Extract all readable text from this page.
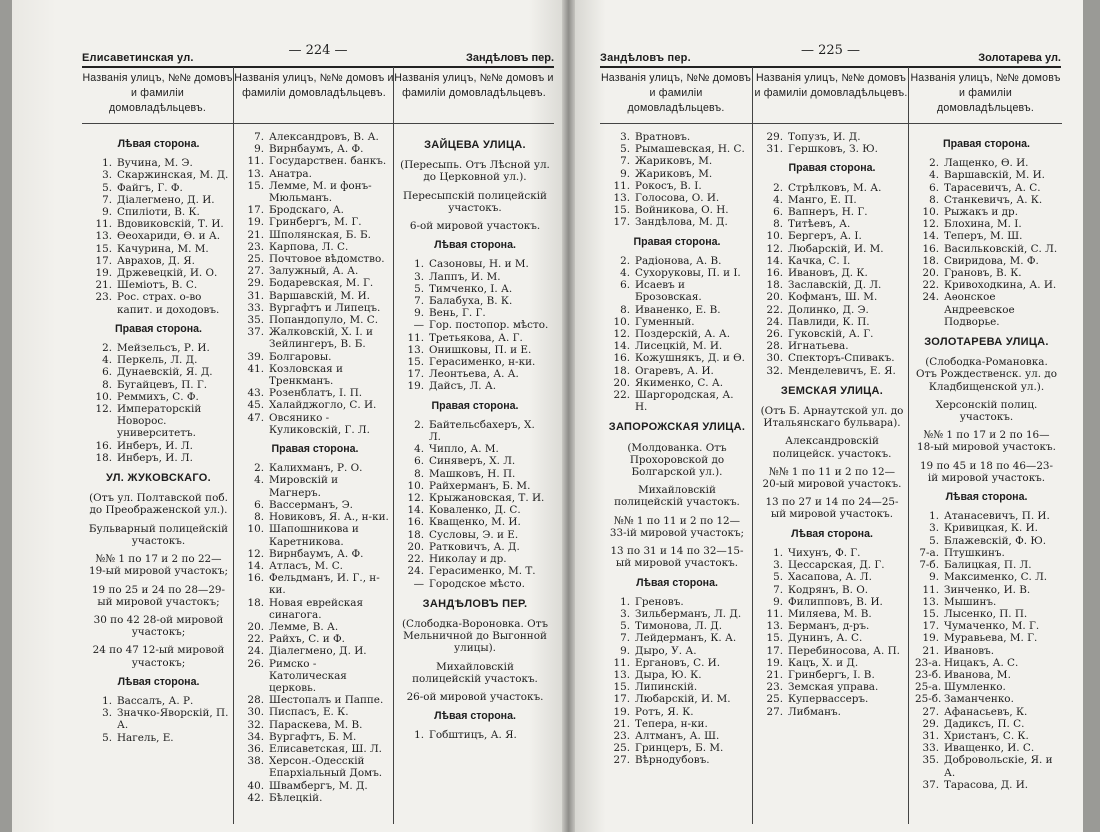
Елисаветинская ул.	— 224 —	Зандѣловъ пер.
Названія улицъ, №№ домовъ и фамиліи домовладѣльцевъ.
Лѣвая сторона.
1. Вучина, М. Э.
3. Скаржинская, М. Д.
5. Файгъ, Г. Ф.
7. Діалегмено, Д. И.
9. Спиліоти, В. К.
11. Вдовиковскій, Т. И.
13. Ѳеохариди, Ѳ. и А.
15. Качурина, М. М.
17. Аврахов, Д. Я.
19. Држевецкій, И. О.
21. Шеміотъ, В. С.
23. Рос. страх. о-во капит. и доходовъ.
Правая сторона.
2. Мейзельсъ, Р. И.
4. Перкель, Л. Д.
6. Дунаевскій, Я. Д.
8. Бугайцевъ, П. Г.
10. Реммихъ, С. Ф.
12. Императорскій Новорос. университетъ.
16. Инберъ, И. Л.
18. Инберъ, И. Л.
УЛ. ЖУКОВСКАГО.
(Отъ ул. Полтавской поб. до Преображенской ул.).
Бульварный полицейскій участокъ.
№№ 1 по 17 и 2 по 22— 19-ый мировой участокъ;
19 по 25 и 24 по 28—29-ый мировой участокъ;
30 по 42 28-ой мировой участокъ;
24 по 47 12-ый мировой участокъ;
Лѣвая сторона.
1. Вассалъ, А. Р.
3. Значко-Яворскій, П. А.
5. Нагель, Е.
Названія улицъ, №№ домовъ и фамиліи домовладѣльцевъ.
7. Александровъ, В. А.
9. Вирнбаумъ, А. Ф.
11. Государствен. банкъ.
13. Анатра.
15. Лемме, М. и фонъ-Мюльманъ.
17. Бродскаго, А.
19. Гринбергъ, М. Г.
21. Шполянская, Б. Б.
23. Карпова, Л. С.
25. Почтовое вѣдомство.
27. Залужный, А. А.
29. Бодаревская, М. Г.
31. Варшавскій, М. И.
33. Вургафтъ и Липецъ.
35. Попандопуло, М. С.
37. Жалковскій, Х. І. и Зейлингеръ, В. Б.
39. Болгаровы.
41. Козловская и Тренкманъ.
43. Розенблатъ, І. П.
45. Халайджогло, С. И.
47. Овсянико - Куликовскій, Г. Л.
Правая сторона.
2. Калихманъ, Р. О.
4. Мировскій и Магнеръ.
6. Вассерманъ, Э.
8. Новиковъ, Я. А., н-ки.
10. Шапошникова и Каретникова.
12. Вирнбаумъ, А. Ф.
14. Атласъ, М. С.
16. Фельдманъ, И. Г., н-ки.
18. Новая еврейская синагога.
20. Лемме, В. А.
22. Райхъ, С. и Ф.
24. Діалегмено, Д. И.
26. Римско - Католическая церковь.
28. Шестопалъ и Паппе.
30. Писпасъ, Е. К.
32. Параскева, М. В.
34. Вургафтъ, Б. М.
36. Елисаветская, Ш. Л.
38. Херсон.-Одесскій Епархіальный Домъ.
40. Швамбергъ, М. Д.
42. Бѣлецкій.
Названія улицъ, №№ домовъ и фамиліи домовладѣльцевъ.
ЗАЙЦЕВА УЛИЦА.
(Пересыпь. Отъ Лѣсной ул. до Церковной ул.).
Пересыпскій полицейскій участокъ.
6-ой мировой участокъ.
Лѣвая сторона.
1. Сазоновы, Н. и М.
3. Лаппъ, И. М.
5. Тимченко, І. А.
7. Балабуха, В. К.
9. Вень, Г. Г.
— Гор. постопор. мѣсто.
11. Третьякова, А. Г.
13. Онишковы, П. и Е.
15. Герасименко, н-ки.
17. Леонтьева, А. А.
19. Дайсъ, Л. А.
Правая сторона.
2. Байтельсбахеръ, Х. Л.
4. Чипло, А. М.
6. Синяверъ, Х. Л.
8. Машковъ, Н. П.
10. Райхерманъ, Б. М.
12. Крыжановская, Т. И.
14. Коваленко, Д. С.
16. Кващенко, М. И.
18. Сусловы, Э. и Е.
20. Ратковичъ, А. Д.
22. Николау и др.
24. Герасименко, М. Т.
— Городское мѣсто.
ЗАНДѢЛОВЪ ПЕР.
(Слободка-Вороновка. Отъ Мельничной до Выгонной улицы).
Михайловскій полицейскій участокъ.
26-ой мировой участокъ.
Лѣвая сторона.
1. Гобштицъ, А. Я.
Зандѣловъ пер.	— 225 —	Золотарева ул.
Названія улицъ, №№ домовъ и фамиліи домовладѣльцевъ.
3. Вратновъ.
5. Рымашевская, Н. С.
7. Жариковъ, М.
9. Жариковъ, М.
11. Рокосъ, В. І.
13. Голосова, О. И.
15. Войникова, О. Н.
17. Зандѣлова, М. Д.
Правая сторона.
2. Радіонова, А. В.
4. Сухоруковы, П. и І.
6. Исаевъ и Брозовская.
8. Иваненко, Е. В.
10. Гуменный.
12. Поздерскій, А. А.
14. Лисецкій, М. И.
16. Кожушнякъ, Д. и Ѳ.
18. Огаревъ, А. И.
20. Якименко, С. А.
22. Шаргородская, А. Н.
ЗАПОРОЖСКАЯ УЛИЦА.
(Молдованка. Отъ Прохоровской до Болгарской ул.).
Михайловскій полицейскій участокъ.
№№ 1 по 11 и 2 по 12—33-ій мировой участокъ;
13 по 31 и 14 по 32—15-ый мировой участокъ.
Лѣвая сторона.
1. Греновъ.
3. Зильберманъ, Л. Д.
5. Тимонова, Л. Д.
7. Лейдерманъ, К. А.
9. Дыро, У. А.
11. Ергановъ, С. И.
13. Дыра, Ю. К.
15. Липинскій.
17. Любарскій, И. М.
19. Ротъ, Я. К.
21. Тепера, н-ки.
23. Алтманъ, А. Ш.
25. Гринцеръ, Б. М.
27. Вѣрнодубовъ.
Названія улицъ, №№ домовъ и фамиліи домовладѣльцевъ.
29. Топузъ, И. Д.
31. Гершковъ, З. Ю.
Правая сторона.
2. Стрѣлковъ, М. А.
4. Манго, Е. П.
6. Вапнеръ, Н. Г.
8. Титѣевъ, А.
10. Бергеръ, А. І.
12. Любарскій, И. М.
14. Качка, С. І.
16. Ивановъ, Д. К.
18. Заславскій, Д. Л.
20. Кофманъ, Ш. М.
22. Долинко, Д. Э.
24. Павлиди, К. П.
26. Гуковскій, А. Г.
28. Игнатьева.
30. Спекторъ-Спивакъ.
32. Менделевичъ, Е. Я.
ЗЕМСКАЯ УЛИЦА.
(Отъ Б. Арнаутской ул. до Итальянскаго бульвара).
Александровскій полицейск. участокъ.
№№ 1 по 11 и 2 по 12— 20-ый мировой участокъ.
13 по 27 и 14 по 24—25-ый мировой участокъ.
Лѣвая сторона.
1. Чихунъ, Ф. Г.
3. Цессарская, Д. Г.
5. Хасапова, А. Л.
7. Кодрянъ, В. О.
9. Филипповъ, В. И.
11. Миляева, М. В.
13. Берманъ, д-ръ.
15. Дунинъ, А. С.
17. Перебиносова, А. П.
19. Кацъ, Х. и Д.
21. Гринбергъ, І. В.
23. Земская управа.
25. Купервассеръ.
27. Либманъ.
Названія улицъ, №№ домовъ и фамиліи домовладѣльцевъ.
Правая сторона.
2. Лащенко, Ѳ. И.
4. Варшавскій, М. И.
6. Тарасевичъ, А. С.
8. Станкевичъ, А. К.
10. Рыжакъ и др.
12. Блохина, М. І.
14. Теперъ, М. Ш.
16. Васильковскій, С. Л.
18. Свиридова, М. Ф.
20. Грановъ, В. К.
22. Кривоходкина, А. И.
24. Аѳонское Андреевское Подворье.
ЗОЛОТАРЕВА УЛИЦА.
(Слободка-Романовка. Отъ Рождественск. ул. до Кладбищенской ул.).
Херсонскій полиц. участокъ.
№№ 1 по 17 и 2 по 16— 18-ый мировой участокъ.
19 по 45 и 18 по 46—23-ій мировой участокъ.
Лѣвая сторона.
1. Атанасевичъ, П. И.
3. Кривицкая, К. И.
5. Блажевскій, Ф. Ю.
7-а. Птушкинъ.
7-б. Балицкая, П. Л.
9. Максименко, С. Л.
11. Зинченко, И. В.
13. Мышинъ.
15. Лысенко, П. П.
17. Чумаченко, М. Г.
19. Муравьева, М. Г.
21. Ивановъ.
23-а. Ницакъ, А. С.
23-б. Иванова, М.
25-а. Шумленко.
25-б. Заманченко.
27. Афанасьевъ, К.
29. Дадиксъ, П. С.
31. Христанъ, С. К.
33. Иващенко, И. С.
35. Добровольскіе, Я. и А.
37. Тарасова, Д. И.
